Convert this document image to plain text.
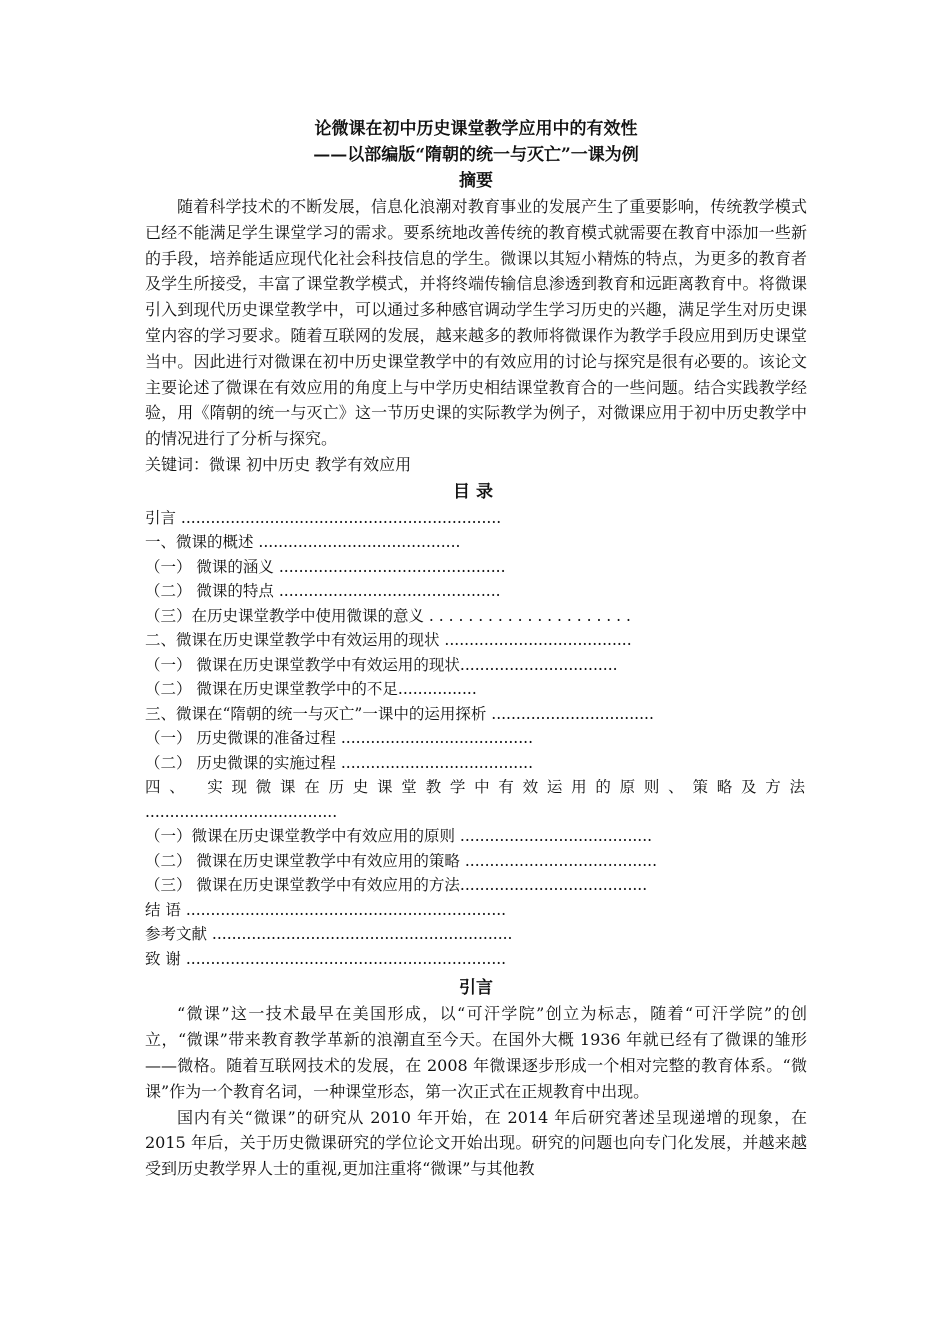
论微课在初中历史课堂教学应用中的有效性
——以部编版“隋朝的统一与灭亡”一课为例
摘要

随着科学技术的不断发展，信息化浪潮对教育事业的发展产生了重要影响，传统教学模式已经不能满足学生课堂学习的需求。要系统地改善传统的教育模式就需要在教育中添加一些新的手段，培养能适应现代化社会科技信息的学生。微课以其短小精炼的特点，为更多的教育者及学生所接受，丰富了课堂教学模式，并将终端传输信息渗透到教育和远距离教育中。将微课引入到现代历史课堂教学中，可以通过多种感官调动学生学习历史的兴趣，满足学生对历史课堂内容的学习要求。随着互联网的发展，越来越多的教师将微课作为教学手段应用到历史课堂当中。因此进行对微课在初中历史课堂教学中的有效应用的讨论与探究是很有必要的。该论文主要论述了微课在有效应用的角度上与中学历史相结课堂教育合的一些问题。结合实践教学经验，用《隋朝的统一与灭亡》这一节历史课的实际教学为例子，对微课应用于初中历史教学中的情况进行了分析与探究。

关键词：微课 初中历史 教学有效应用

目录
引言 .................................................................
一、微课的概述 .........................................
（一） 微课的涵义 ..............................................
（二） 微课的特点 .............................................
（三）在历史课堂教学中使用微课的意义 . . . . . . . . . . . . . . . . . . . . .
二、微课在历史课堂教学中有效运用的现状 ......................................
（一） 微课在历史课堂教学中有效运用的现状................................
（二） 微课在历史课堂教学中的不足................
三、微课在“隋朝的统一与灭亡”一课中的运用探析 .................................
（一） 历史微课的准备过程 .......................................
（二） 历史微课的实施过程 .......................................
四、 实现微课在历史课堂教学中有效运用的原则、策略及方法
.......................................
（一）微课在历史课堂教学中有效应用的原则 .......................................
（二） 微课在历史课堂教学中有效应用的策略 .......................................
（三） 微课在历史课堂教学中有效应用的方法......................................
结 语 .................................................................
参考文献 .............................................................
致 谢 .................................................................
引言

“微课”这一技术最早在美国形成，以“可汗学院”创立为标志，随着“可汗学院”的创立，“微课”带来教育教学革新的浪潮直至今天。在国外大概 1936 年就已经有了微课的雏形——微格。随着互联网技术的发展，在 2008 年微课逐步形成一个相对完整的教育体系。“微课”作为一个教育名词，一种课堂形态，第一次正式在正规教育中出现。

国内有关“微课”的研究从 2010 年开始，在 2014 年后研究著述呈现递增的现象，在 2015 年后，关于历史微课研究的学位论文开始出现。研究的问题也向专门化发展，并越来越受到历史教学界人士的重视,更加注重将“微课”与其他教
